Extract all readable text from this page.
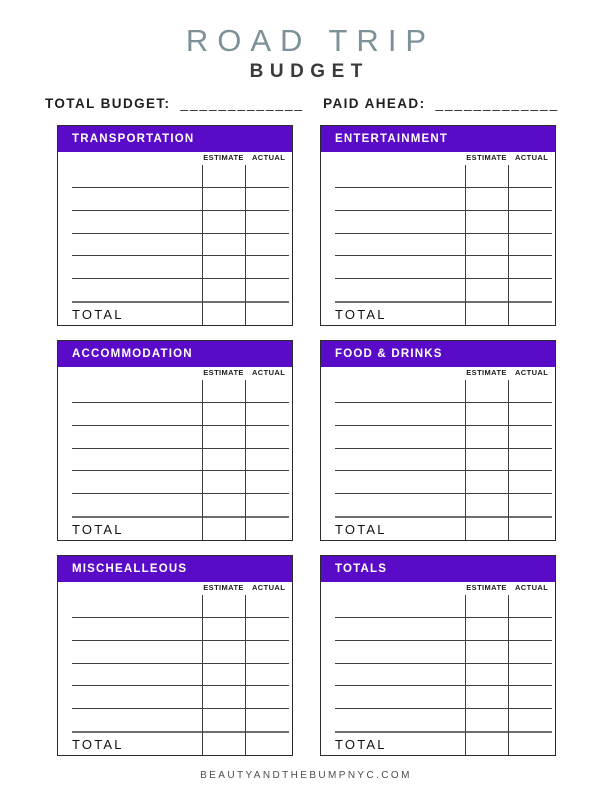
ROAD TRIP
BUDGET
TOTAL BUDGET: _____________ PAID AHEAD: _____________
TRANSPORTATION
ESTIMATE	ACTUAL
TOTAL
ENTERTAINMENT
ESTIMATE	ACTUAL
TOTAL
ACCOMMODATION
ESTIMATE	ACTUAL
TOTAL
FOOD & DRINKS
ESTIMATE	ACTUAL
TOTAL
MISCHEALLEOUS
ESTIMATE	ACTUAL
TOTAL
TOTALS
ESTIMATE	ACTUAL
TOTAL
BEAUTYANDTHEBUMPNYC.COM
